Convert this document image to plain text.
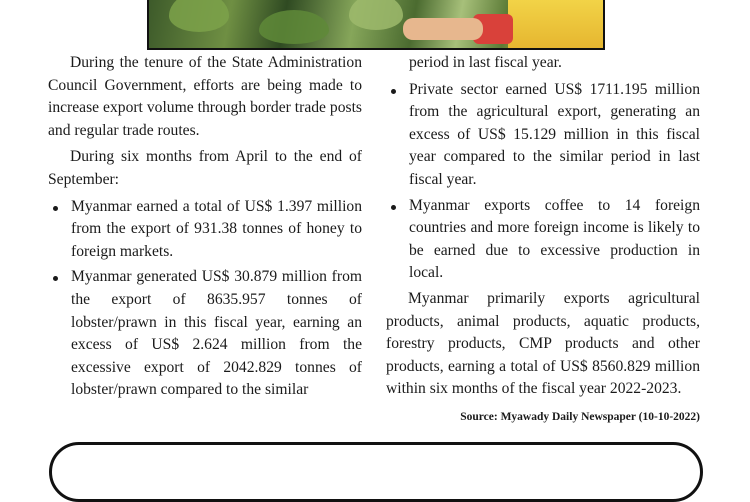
During the tenure of the State Administration Council Government, efforts are being made to increase export volume through border trade posts and regular trade routes.

During six months from April to the end of September:

Myanmar earned a total of US$ 1.397 million from the export of 931.38 tonnes of honey to foreign markets.
Myanmar generated US$ 30.879 million from the export of 8635.957 tonnes of lobster/prawn in this fiscal year, earning an excess of US$ 2.624 million from the excessive export of 2042.829 tonnes of lobster/prawn compared to the similar

period in last fiscal year.

Private sector earned US$ 1711.195 million from the agricultural export, generating an excess of US$ 15.129 million in this fiscal year compared to the similar period in last fiscal year.
Myanmar exports coffee to 14 foreign countries and more foreign income is likely to be earned due to excessive production in local.

Myanmar primarily exports agricultural products, animal products, aquatic products, forestry products, CMP products and other products, earning a total of US$ 8560.829 million within six months of the fiscal year 2022-2023.

Source: Myawady Daily Newspaper (10-10-2022)
